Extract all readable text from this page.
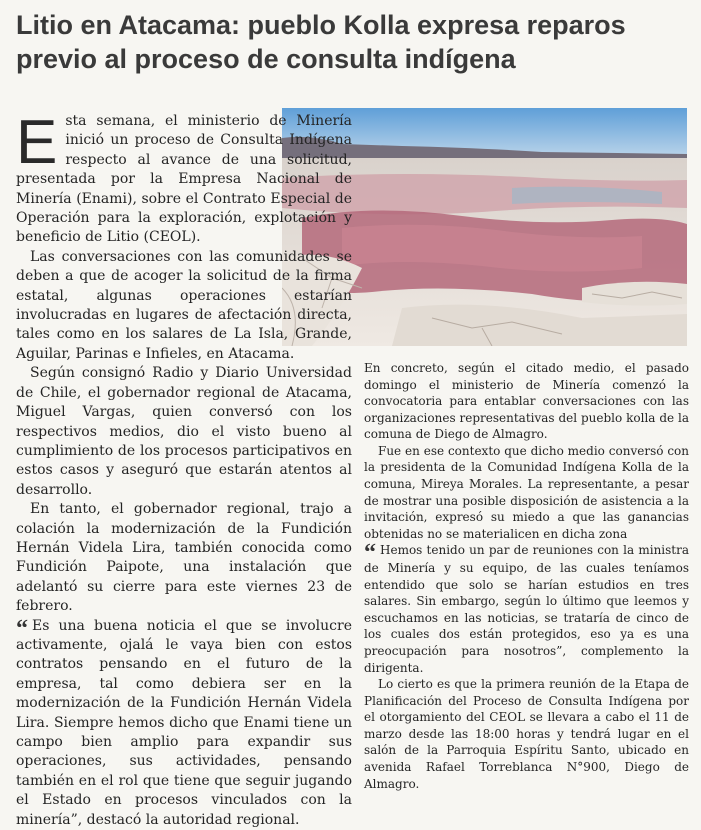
Litio en Atacama: pueblo Kolla expresa reparos previo al proceso de consulta indígena
E sta semana, el ministerio de Minería inició un proceso de Consulta Indígena respecto al avance de una solicitud, presentada por la Empresa Nacional de Minería (Enami), sobre el Contrato Especial de Operación para la exploración, explotación y beneficio de Litio (CEOL).

Las conversaciones con las comunidades se deben a que de acoger la solicitud de la firma estatal, algunas operaciones estarían involucradas en lugares de afectación directa, tales como en los salares de La Isla, Grande, Aguilar, Parinas e Infieles, en Atacama.

Según consignó Radio y Diario Universidad de Chile, el gobernador regional de Atacama, Miguel Vargas, quien conversó con los respectivos medios, dio el visto bueno al cumplimiento de los procesos participativos en estos casos y aseguró que estarán atentos al desarrollo.

En tanto, el gobernador regional, trajo a colación la modernización de la Fundición Hernán Videla Lira, también conocida como Fundición Paipote, una instalación que adelantó su cierre para este viernes 23 de febrero.

“ Es una buena noticia el que se involucre activamente, ojalá le vaya bien con estos contratos pensando en el futuro de la empresa, tal como debiera ser en la modernización de la Fundición Hernán Videla Lira. Siempre hemos dicho que Enami tiene un campo bien amplio para expandir sus operaciones, sus actividades, pensando también en el rol que tiene que seguir jugando el Estado en procesos vinculados con la minería”, destacó la autoridad regional.

En concreto, según el citado medio, el pasado domingo el ministerio de Minería comenzó la convocatoria para entablar conversaciones con las organizaciones representativas del pueblo kolla de la comuna de Diego de Almagro.

Fue en ese contexto que dicho medio conversó con la presidenta de la Comunidad Indígena Kolla de la comuna, Mireya Morales. La representante, a pesar de mostrar una posible disposición de asistencia a la invitación, expresó su miedo a que las ganancias obtenidas no se materialicen en dicha zona

“ Hemos tenido un par de reuniones con la ministra de Minería y su equipo, de las cuales teníamos entendido que solo se harían estudios en tres salares. Sin embargo, según lo último que leemos y escuchamos en las noticias, se trataría de cinco de los cuales dos están protegidos, eso ya es una preocupación para nosotros”, complemento la dirigenta.

Lo cierto es que la primera reunión de la Etapa de Planificación del Proceso de Consulta Indígena por el otorgamiento del CEOL se llevara a cabo el 11 de marzo desde las 18:00 horas y tendrá lugar en el salón de la Parroquia Espíritu Santo, ubicado en avenida Rafael Torreblanca N°900, Diego de Almagro.
